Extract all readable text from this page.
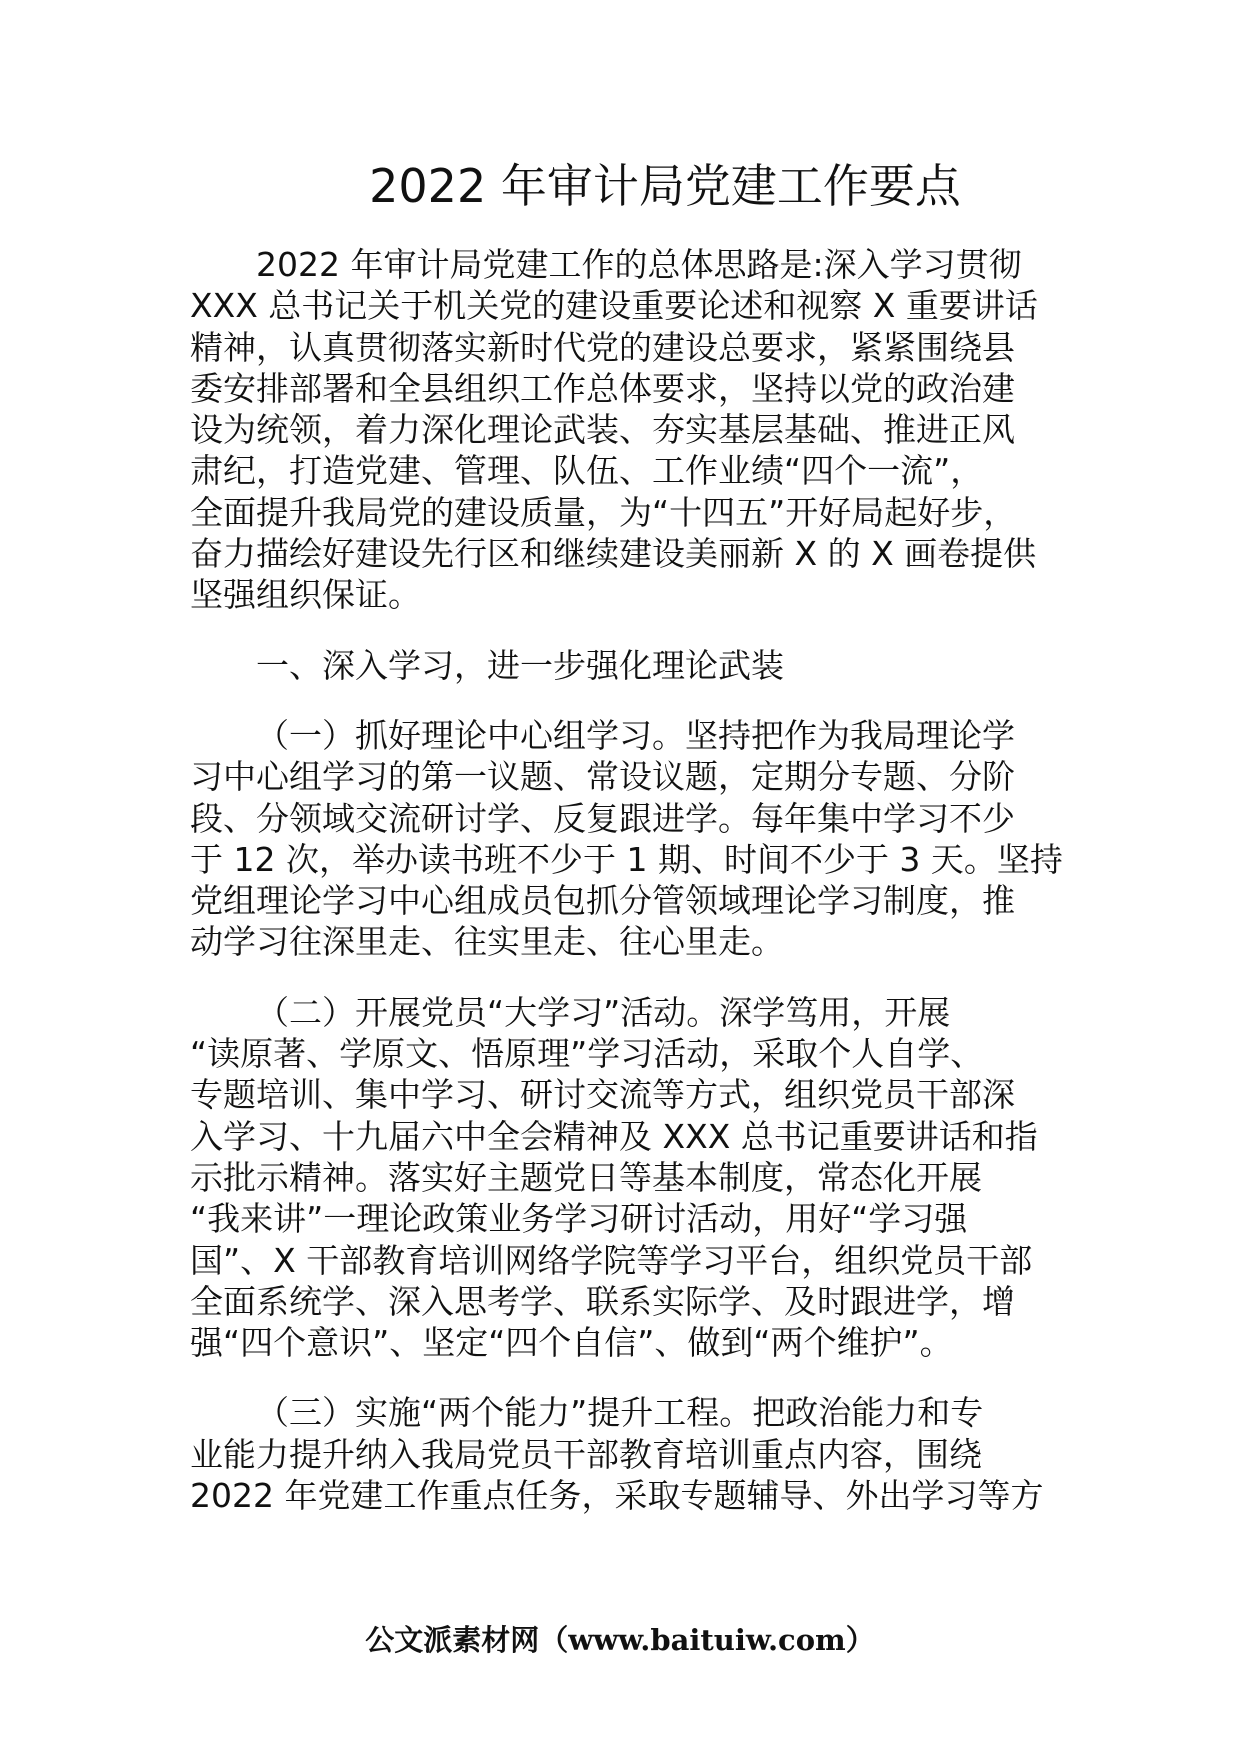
2022 年审计局党建工作要点

2022 年审计局党建工作的总体思路是:深入学习贯彻
XXX 总书记关于机关党的建设重要论述和视察 X 重要讲话
精神，认真贯彻落实新时代党的建设总要求，紧紧围绕县
委安排部署和全县组织工作总体要求，坚持以党的政治建
设为统领，着力深化理论武装、夯实基层基础、推进正风
肃纪，打造党建、管理、队伍、工作业绩“四个一流”，
全面提升我局党的建设质量，为“十四五”开好局起好步，
奋力描绘好建设先行区和继续建设美丽新 X 的 X 画卷提供
坚强组织保证。

一、深入学习，进一步强化理论武装

（一）抓好理论中心组学习。坚持把作为我局理论学
习中心组学习的第一议题、常设议题，定期分专题、分阶
段、分领域交流研讨学、反复跟进学。每年集中学习不少
于 12 次，举办读书班不少于 1 期、时间不少于 3 天。坚持
党组理论学习中心组成员包抓分管领域理论学习制度，推
动学习往深里走、往实里走、往心里走。

（二）开展党员“大学习”活动。深学笃用，开展
“读原著、学原文、悟原理”学习活动，采取个人自学、
专题培训、集中学习、研讨交流等方式，组织党员干部深
入学习、十九届六中全会精神及 XXX 总书记重要讲话和指
示批示精神。落实好主题党日等基本制度，常态化开展
“我来讲”一理论政策业务学习研讨活动，用好“学习强
国”、X 干部教育培训网络学院等学习平台，组织党员干部
全面系统学、深入思考学、联系实际学、及时跟进学，增
强“四个意识”、坚定“四个自信”、做到“两个维护”。

（三）实施“两个能力”提升工程。把政治能力和专
业能力提升纳入我局党员干部教育培训重点内容，围绕
2022 年党建工作重点任务，采取专题辅导、外出学习等方

公文派素材网（www.baituiw.com）
